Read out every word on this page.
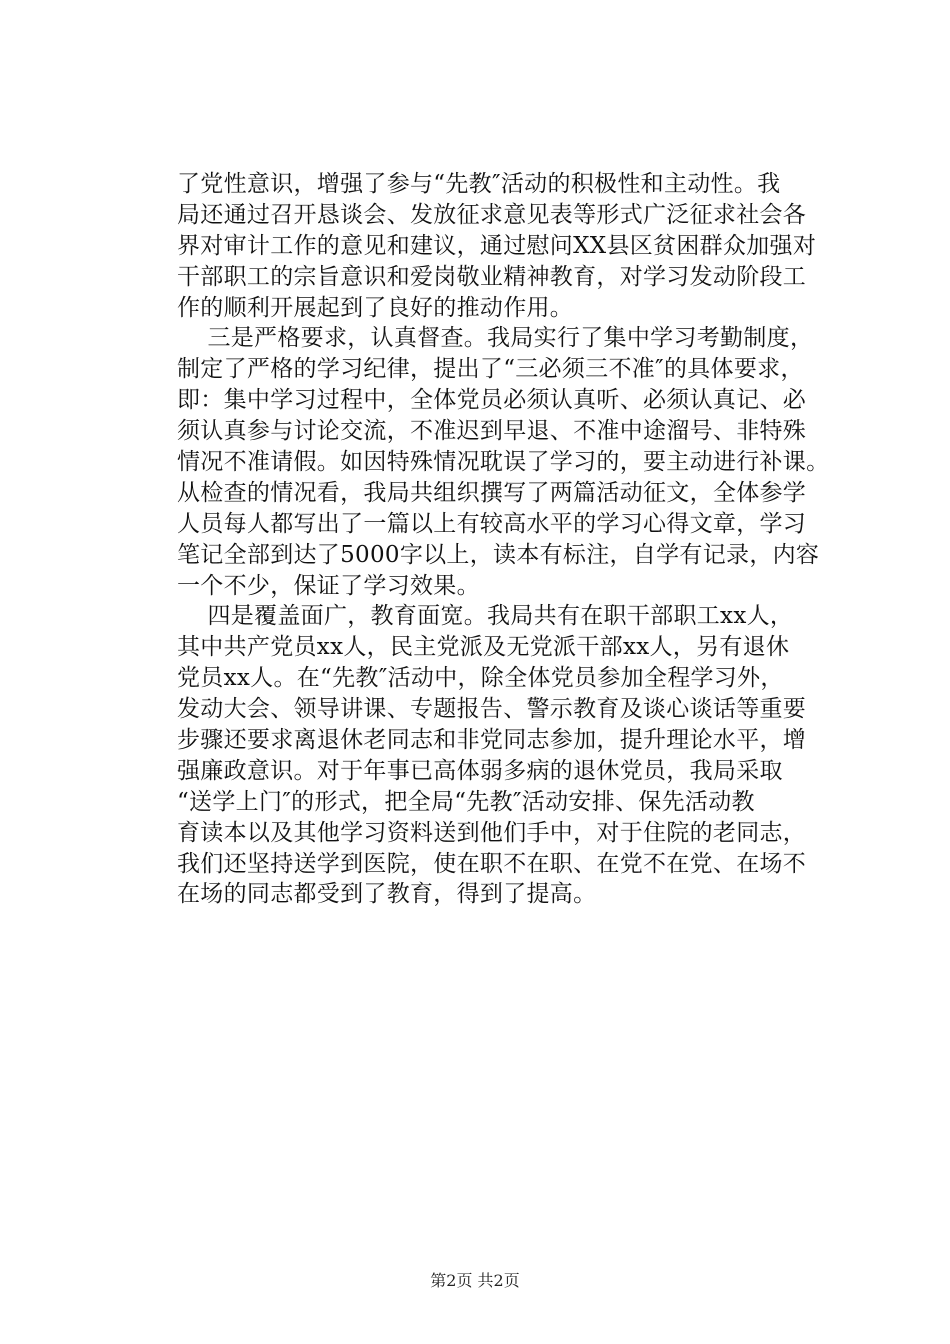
了党性意识，增强了参与“先教″活动的积极性和主动性。我
局还通过召开恳谈会、发放征求意见表等形式广泛征求社会各
界对审计工作的意见和建议，通过慰问XX县区贫困群众加强对
干部职工的宗旨意识和爱岗敬业精神教育，对学习发动阶段工
作的顺利开展起到了良好的推动作用。
三是严格要求，认真督查。我局实行了集中学习考勤制度，
制定了严格的学习纪律，提出了“三必须三不准″的具体要求，
即：集中学习过程中，全体党员必须认真听、必须认真记、必
须认真参与讨论交流，不准迟到早退、不准中途溜号、非特殊
情况不准请假。如因特殊情况耽误了学习的，要主动进行补课。
从检查的情况看，我局共组织撰写了两篇活动征文，全体参学
人员每人都写出了一篇以上有较高水平的学习心得文章，学习
笔记全部到达了5000字以上，读本有标注，自学有记录，内容
一个不少，保证了学习效果。
四是覆盖面广，教育面宽。我局共有在职干部职工xx人，
其中共产党员xx人，民主党派及无党派干部xx人，另有退休
党员xx人。在“先教″活动中，除全体党员参加全程学习外，
发动大会、领导讲课、专题报告、警示教育及谈心谈话等重要
步骤还要求离退休老同志和非党同志参加，提升理论水平，增
强廉政意识。对于年事已高体弱多病的退休党员，我局采取
“送学上门″的形式，把全局“先教″活动安排、保先活动教
育读本以及其他学习资料送到他们手中，对于住院的老同志，
我们还坚持送学到医院，使在职不在职、在党不在党、在场不
在场的同志都受到了教育，得到了提高。
第2页 共2页
